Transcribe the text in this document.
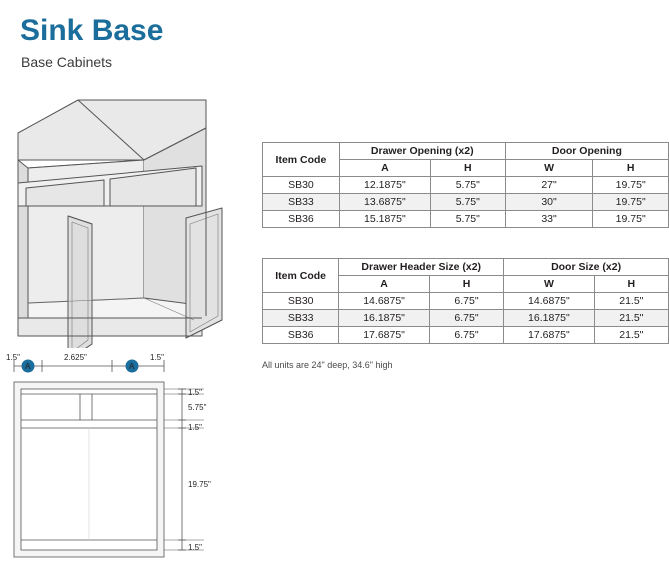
Sink Base
Base Cabinets
Item Code	Drawer Opening (x2)		Door Opening	
	A	H	W	H
SB30	12.1875"	5.75"	27"	19.75"
SB33	13.6875"	5.75"	30"	19.75"
SB36	15.1875"	5.75"	33"	19.75"
Item Code	Drawer Header Size (x2)		Door Size (x2)	
	A	H	W	H
SB30	14.6875"	6.75"	14.6875"	21.5"
SB33	16.1875"	6.75"	16.1875"	21.5"
SB36	17.6875"	6.75"	17.6875"	21.5"
All units are 24" deep, 34.6" high
1.5"	2.625"	1.5"
A	A
1.5"
5.75"
1.5"
19.75"
1.5"
